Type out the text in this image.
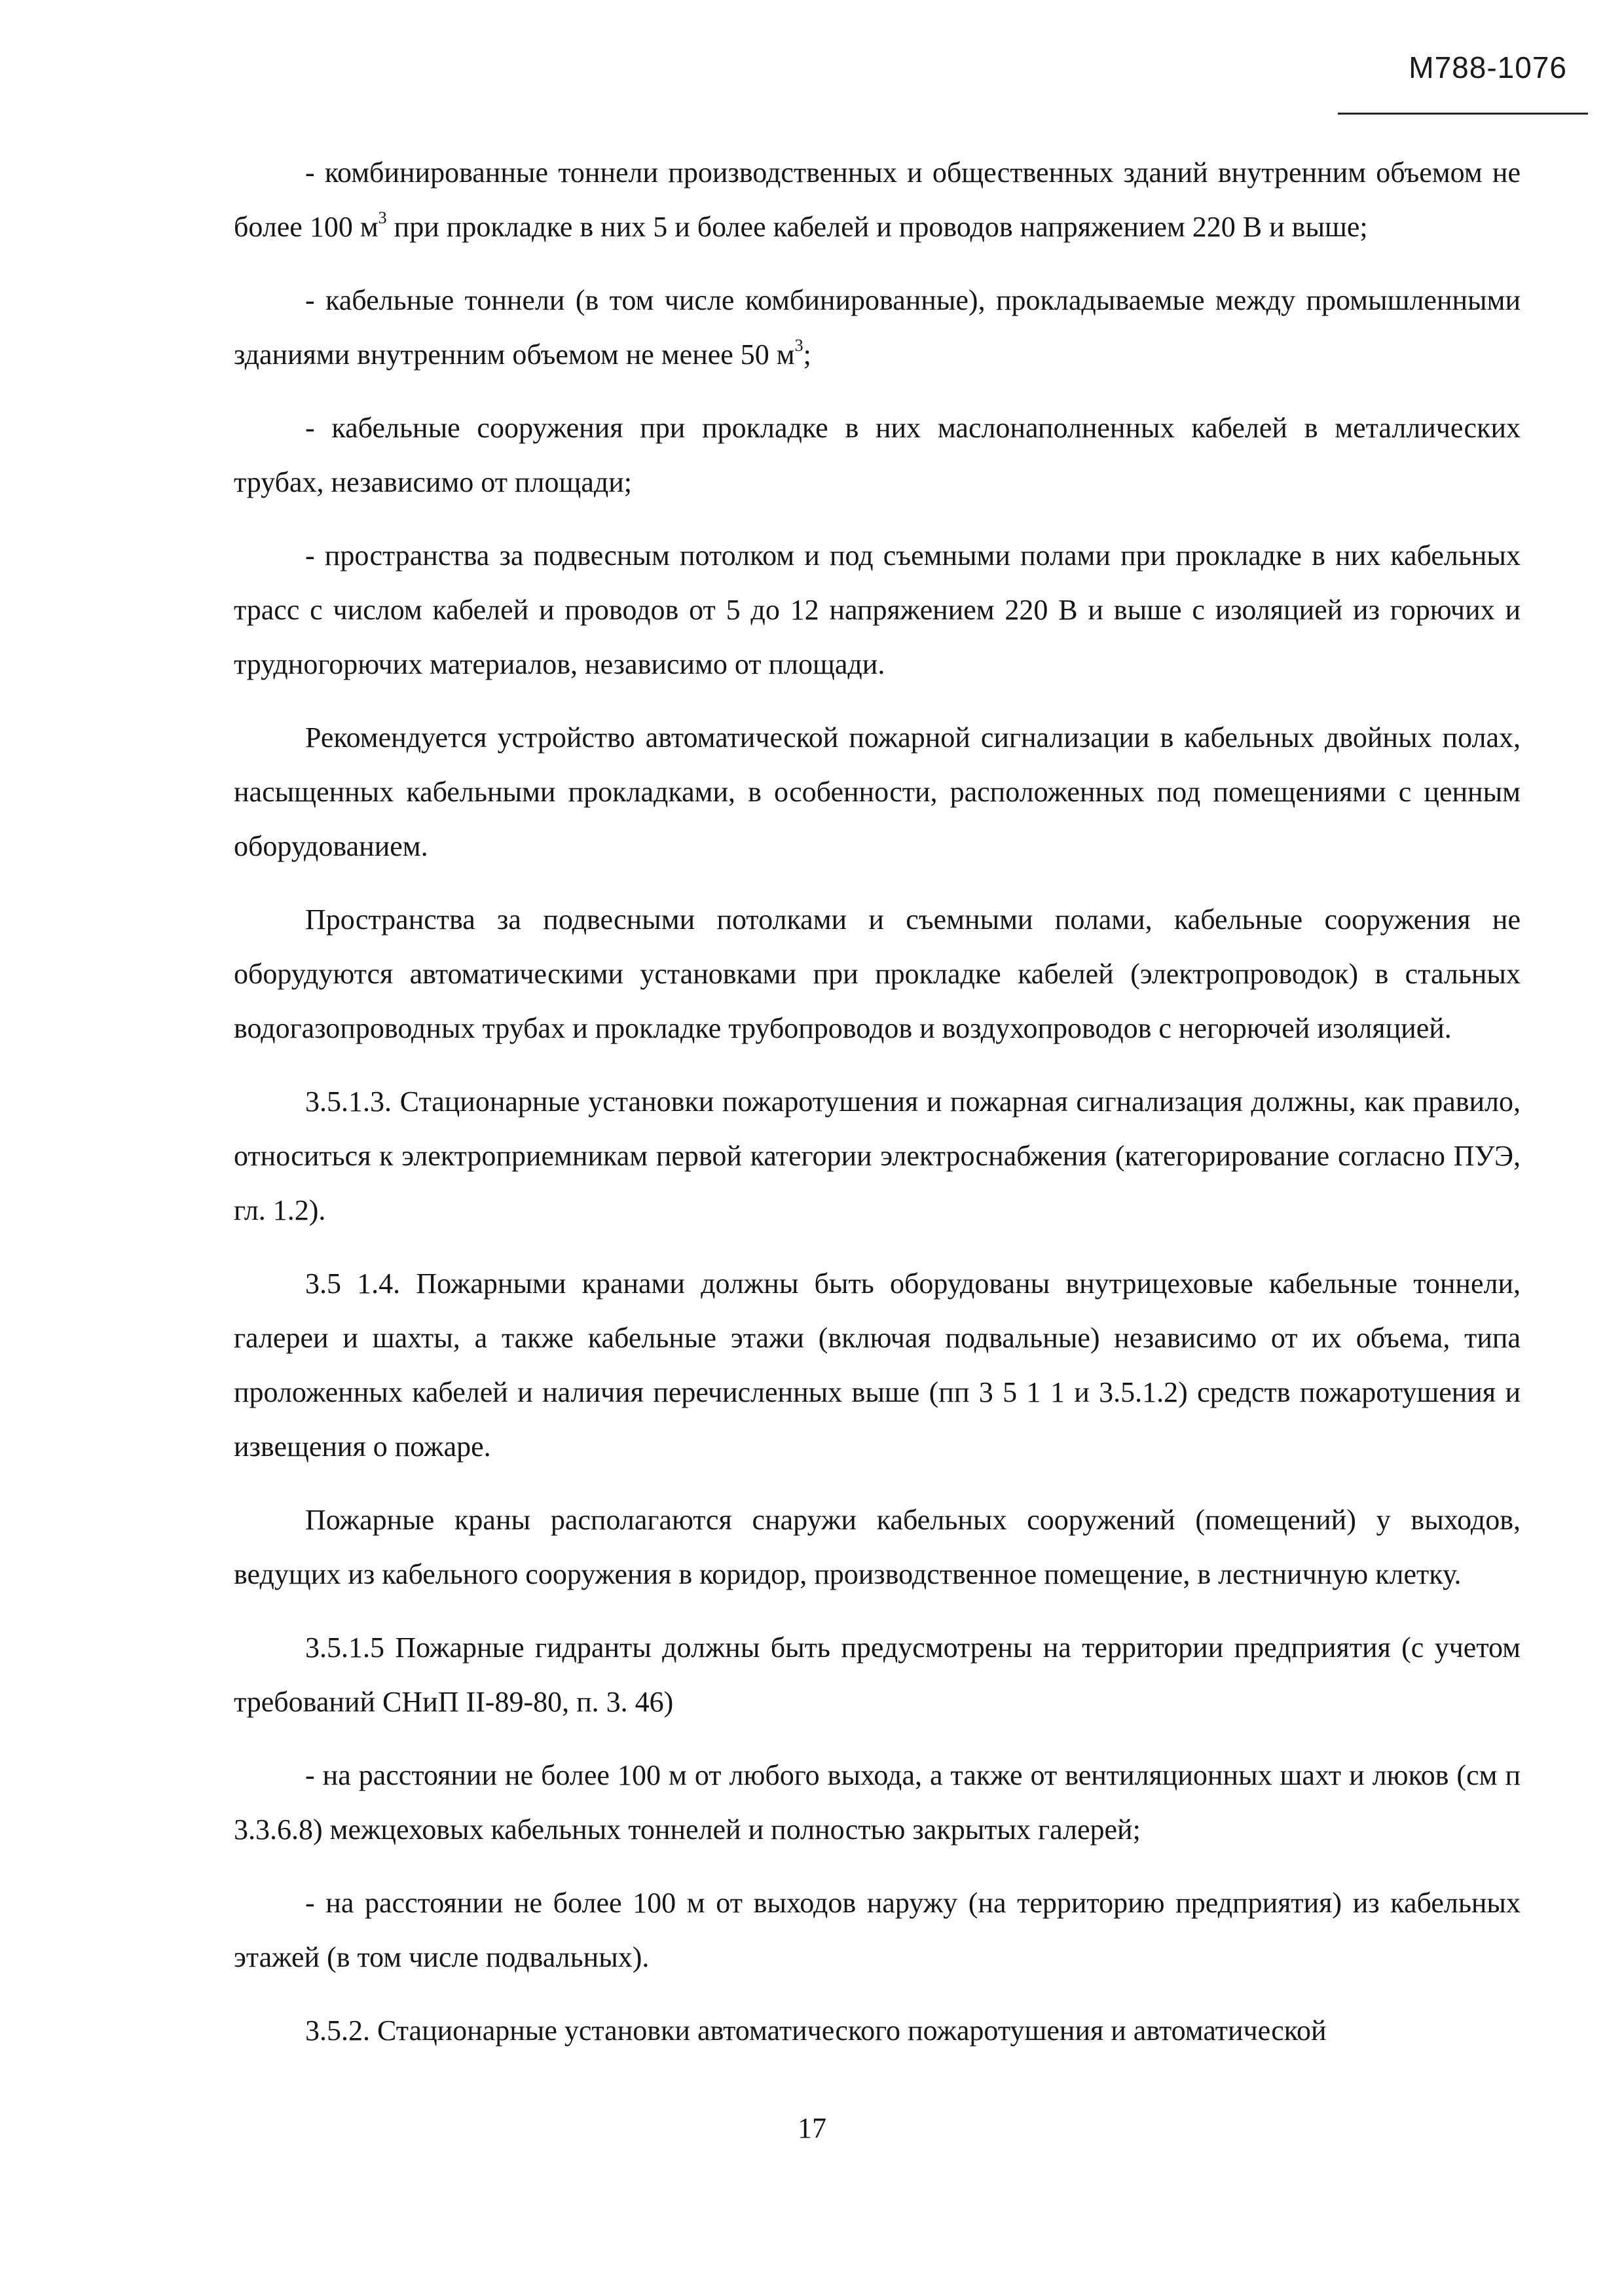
М788-1076

- комбинированные тоннели производственных и общественных зданий внутренним объемом не более 100 $м^3$ при прокладке в них 5 и более кабелей и проводов напряжением 220 В и выше;

- кабельные тоннели (в том числе комбинированные), прокладываемые между промышленными зданиями внутренним объемом не менее 50 $м^3$;

- кабельные сооружения при прокладке в них маслонаполненных кабелей в металлических трубах, независимо от площади;

- пространства за подвесным потолком и под съемными полами при прокладке в них кабельных трасс с числом кабелей и проводов от 5 до 12 напряжением 220 В и выше с изоляцией из горючих и трудногорючих материалов, независимо от площади.

Рекомендуется устройство автоматической пожарной сигнализации в кабельных двойных полах, насыщенных кабельными прокладками, в особенности, расположенных под помещениями с ценным оборудованием.

Пространства за подвесными потолками и съемными полами, кабельные сооружения не оборудуются автоматическими установками при прокладке кабелей (электропроводок) в стальных водогазопроводных трубах и прокладке трубопроводов и воздухопроводов с негорючей изоляцией.

3.5.1.3. Стационарные установки пожаротушения и пожарная сигнализация должны, как правило, относиться к электроприемникам первой категории электроснабжения (категорирование согласно ПУЭ, гл. 1.2).

3.5 1.4. Пожарными кранами должны быть оборудованы внутрицеховые кабельные тоннели, галереи и шахты, а также кабельные этажи (включая подвальные) независимо от их объема, типа проложенных кабелей и наличия перечисленных выше (пп 3 5 1 1 и 3.5.1.2) средств пожаротушения и извещения о пожаре.

Пожарные краны располагаются снаружи кабельных сооружений (помещений) у выходов, ведущих из кабельного сооружения в коридор, производственное помещение, в лестничную клетку.

3.5.1.5 Пожарные гидранты должны быть предусмотрены на территории предприятия (с учетом требований СНиП II-89-80, п. 3. 46)

- на расстоянии не более 100 м от любого выхода, а также от вентиляционных шахт и люков (см п 3.3.6.8) межцеховых кабельных тоннелей и полностью закрытых галерей;

- на расстоянии не более 100 м от выходов наружу (на территорию предприятия) из кабельных этажей (в том числе подвальных).

3.5.2. Стационарные установки автоматического пожаротушения и автоматической

17
